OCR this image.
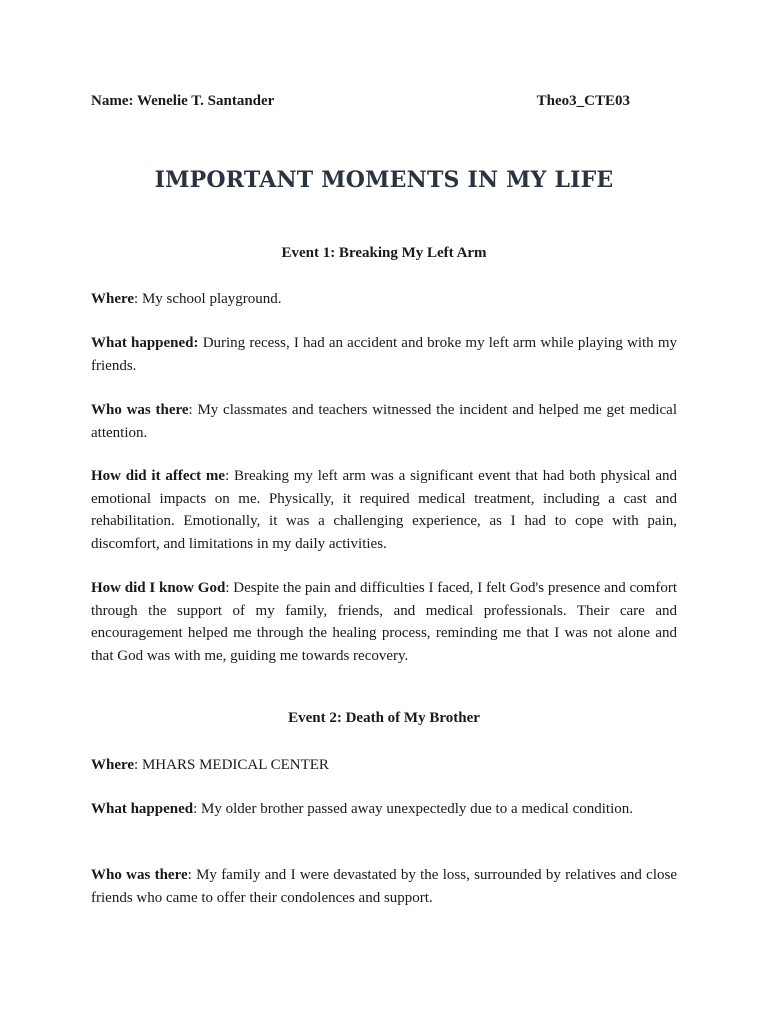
Name: Wenelie T. Santander	Theo3_CTE03
IMPORTANT MOMENTS IN MY LIFE
Event 1: Breaking My Left Arm

Where: My school playground.

What happened: During recess, I had an accident and broke my left arm while playing with my friends.

Who was there: My classmates and teachers witnessed the incident and helped me get medical attention.

How did it affect me: Breaking my left arm was a significant event that had both physical and emotional impacts on me. Physically, it required medical treatment, including a cast and rehabilitation. Emotionally, it was a challenging experience, as I had to cope with pain, discomfort, and limitations in my daily activities.

How did I know God: Despite the pain and difficulties I faced, I felt God's presence and comfort through the support of my family, friends, and medical professionals. Their care and encouragement helped me through the healing process, reminding me that I was not alone and that God was with me, guiding me towards recovery.

Event 2: Death of My Brother

Where: MHARS MEDICAL CENTER

What happened: My older brother passed away unexpectedly due to a medical condition.

Who was there: My family and I were devastated by the loss, surrounded by relatives and close friends who came to offer their condolences and support.
